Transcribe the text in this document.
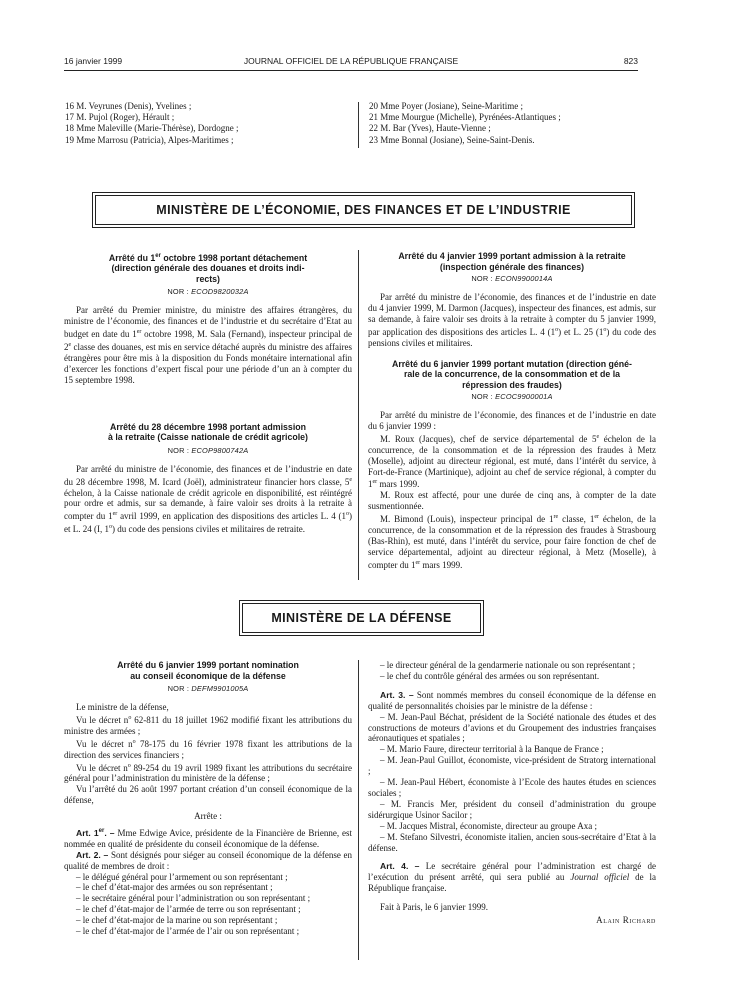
16 janvier 1999	JOURNAL OFFICIEL DE LA RÉPUBLIQUE FRANÇAISE	823
16 M. Veyrunes (Denis), Yvelines ;
17 M. Pujol (Roger), Hérault ;
18 Mme Maleville (Marie-Thérèse), Dordogne ;
19 Mme Marrosu (Patricia), Alpes-Maritimes ;
20 Mme Poyer (Josiane), Seine-Maritime ;
21 Mme Mourgue (Michelle), Pyrénées-Atlantiques ;
22 M. Bar (Yves), Haute-Vienne ;
23 Mme Bonnal (Josiane), Seine-Saint-Denis.
MINISTÈRE DE L’ÉCONOMIE, DES FINANCES ET DE L’INDUSTRIE
Arrêté du 1er octobre 1998 portant détachement
(direction générale des douanes et droits indi-
rects)
NOR : ECOD9820032A

Par arrêté du Premier ministre, du ministre des affaires étrangères, du ministre de l’économie, des finances et de l’industrie et du secrétaire d’Etat au budget en date du 1er octobre 1998, M. Sala (Fernand), inspecteur principal de 2e classe des douanes, est mis en service détaché auprès du ministre des affaires étrangères pour être mis à la disposition du Fonds monétaire international afin d’exercer les fonctions d’expert fiscal pour une période d’un an à compter du 15 septembre 1998.

Arrêté du 28 décembre 1998 portant admission
à la retraite (Caisse nationale de crédit agricole)
NOR : ECOP9800742A

Par arrêté du ministre de l’économie, des finances et de l’industrie en date du 28 décembre 1998, M. Icard (Joël), administrateur financier hors classe, 5e échelon, à la Caisse nationale de crédit agricole en disponibilité, est réintégré pour ordre et admis, sur sa demande, à faire valoir ses droits à la retraite à compter du 1er avril 1999, en application des dispositions des articles L. 4 (1$^o$) et L. 24 (I, 1$^o$) du code des pensions civiles et militaires de retraite.

Arrêté du 4 janvier 1999 portant admission à la retraite
(inspection générale des finances)
NOR : ECON9900014A

Par arrêté du ministre de l’économie, des finances et de l’industrie en date du 4 janvier 1999, M. Darmon (Jacques), inspecteur des finances, est admis, sur sa demande, à faire valoir ses droits à la retraite à compter du 5 janvier 1999, par application des dispositions des articles L. 4 (1$^o$) et L. 25 (1$^o$) du code des pensions civiles et militaires.

Arrêté du 6 janvier 1999 portant mutation (direction géné-
rale de la concurrence, de la consommation et de la
répression des fraudes)
NOR : ECOC9900001A

Par arrêté du ministre de l’économie, des finances et de l’industrie en date du 6 janvier 1999 :

M. Roux (Jacques), chef de service départemental de 5e échelon de la concurrence, de la consommation et de la répression des fraudes à Metz (Moselle), adjoint au directeur régional, est muté, dans l’intérêt du service, à Fort-de-France (Martinique), adjoint au chef de service régional, à compter du 1er mars 1999.

M. Roux est affecté, pour une durée de cinq ans, à compter de la date susmentionnée.

M. Bimond (Louis), inspecteur principal de 1re classe, 1er échelon, de la concurrence, de la consommation et de la répression des fraudes à Strasbourg (Bas-Rhin), est muté, dans l’intérêt du service, pour faire fonction de chef de service départemental, adjoint au directeur régional, à Metz (Moselle), à compter du 1er mars 1999.

MINISTÈRE DE LA DÉFENSE
Arrêté du 6 janvier 1999 portant nomination
au conseil économique de la défense
NOR : DEFM9901005A

Le ministre de la défense,

Vu le décret $n^o$ 62-811 du 18 juillet 1962 modifié fixant les attributions du ministre des armées ;

Vu le décret $n^o$ 78-175 du 16 février 1978 fixant les attributions de la direction des services financiers ;

Vu le décret $n^o$ 89-254 du 19 avril 1989 fixant les attributions du secrétaire général pour l’administration du ministère de la défense ;

Vu l’arrêté du 26 août 1997 portant création d’un conseil économique de la défense,

Arrête :

Art. 1er. – Mme Edwige Avice, présidente de la Financière de Brienne, est nommée en qualité de présidente du conseil économique de la défense.

Art. 2. – Sont désignés pour siéger au conseil économique de la défense en qualité de membres de droit :

– le délégué général pour l’armement ou son représentant ;

– le chef d’état-major des armées ou son représentant ;

– le secrétaire général pour l’administration ou son représentant ;

– le chef d’état-major de l’armée de terre ou son représentant ;

– le chef d’état-major de la marine ou son représentant ;

– le chef d’état-major de l’armée de l’air ou son représentant ;

– le directeur général de la gendarmerie nationale ou son représentant ;

– le chef du contrôle général des armées ou son représentant.

Art. 3. – Sont nommés membres du conseil économique de la défense en qualité de personnalités choisies par le ministre de la défense :

– M. Jean-Paul Béchat, président de la Société nationale des études et des constructions de moteurs d’avions et du Groupement des industries françaises aéronautiques et spatiales ;

– M. Mario Faure, directeur territorial à la Banque de France ;

– M. Jean-Paul Guillot, économiste, vice-président de Stratorg international ;

– M. Jean-Paul Hébert, économiste à l’Ecole des hautes études en sciences sociales ;

– M. Francis Mer, président du conseil d’administration du groupe sidérurgique Usinor Sacilor ;

– M. Jacques Mistral, économiste, directeur au groupe Axa ;

– M. Stefano Silvestri, économiste italien, ancien sous-secrétaire d’Etat à la défense.

Art. 4. – Le secrétaire général pour l’administration est chargé de l’exécution du présent arrêté, qui sera publié au Journal officiel de la République française.

Fait à Paris, le 6 janvier 1999.

Alain Richard
